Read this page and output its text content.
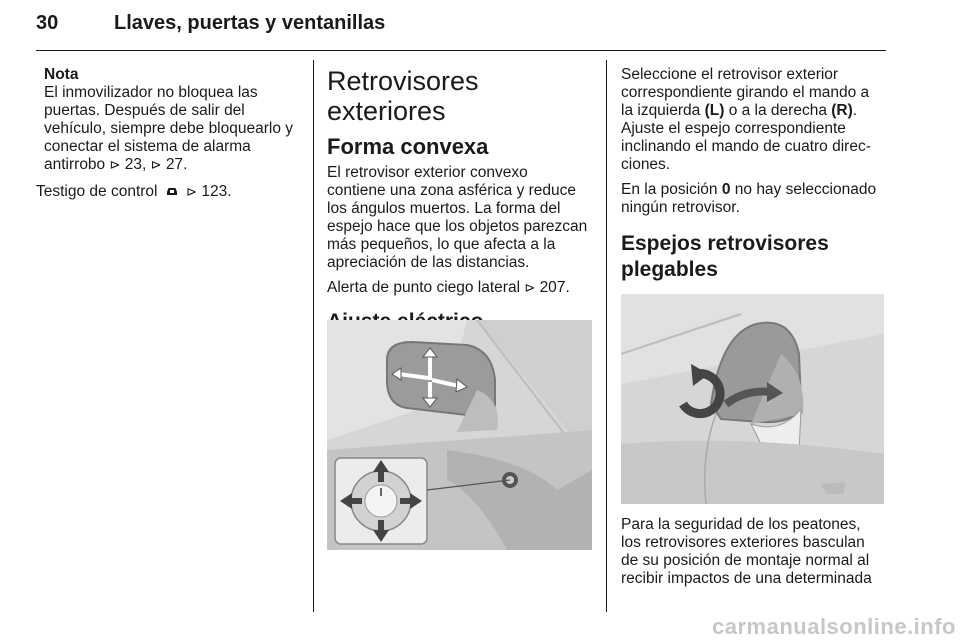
30	Llaves, puertas y ventanillas
Nota
El inmovilizador no bloquea las
puertas. Después de salir del
vehículo, siempre debe bloquearlo y
conectar el sistema de alarma
antirrobo ⊳ 23, ⊳ 27.

Testigo de control ⊳ 123.

Retrovisores exteriores
Forma convexa

El retrovisor exterior convexo
contiene una zona asférica y reduce
los ángulos muertos. La forma del
espejo hace que los objetos parezcan
más pequeños, lo que afecta a la
apreciación de las distancias.

Alerta de punto ciego lateral ⊳ 207.

Seleccione el retrovisor exterior
correspondiente girando el mando a
la izquierda (L) o a la derecha (R).
Ajuste el espejo correspondiente
inclinando el mando de cuatro direc-
ciones.

En la posición 0 no hay seleccionado
ningún retrovisor.

Espejos retrovisores
plegables
Para la seguridad de los peatones,
los retrovisores exteriores basculan
de su posición de montaje normal al
recibir impactos de una determinada
carmanualsonline.info
